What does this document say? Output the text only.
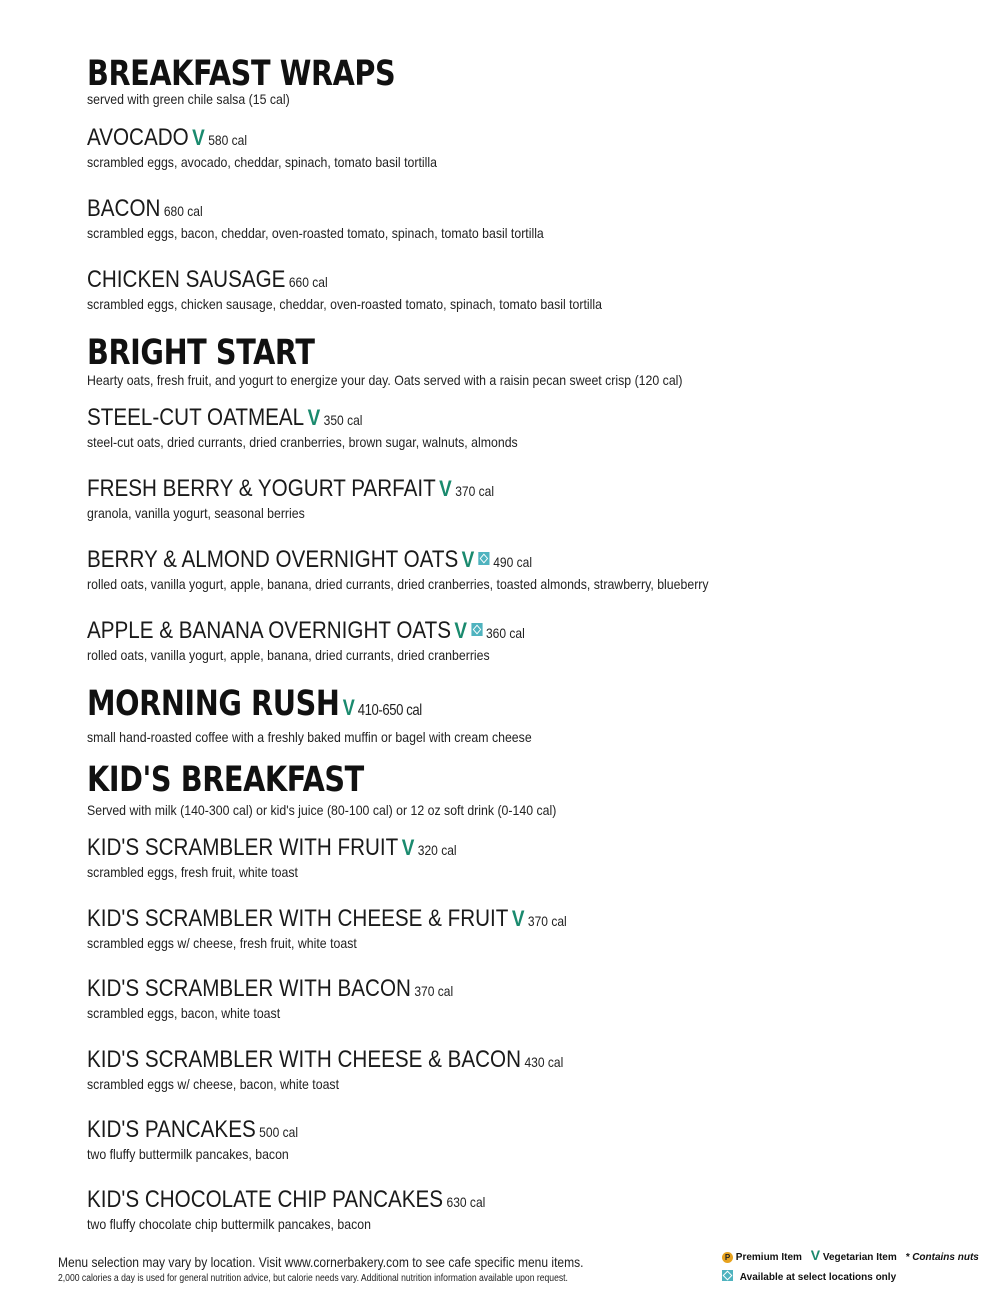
BREAKFAST WRAPS
served with green chile salsa (15 cal)
AVOCADO V 580 cal
scrambled eggs, avocado, cheddar, spinach, tomato basil tortilla
BACON 680 cal
scrambled eggs, bacon, cheddar, oven-roasted tomato, spinach, tomato basil tortilla
CHICKEN SAUSAGE 660 cal
scrambled eggs, chicken sausage, cheddar, oven-roasted tomato, spinach, tomato basil tortilla
BRIGHT START
Hearty oats, fresh fruit, and yogurt to energize your day. Oats served with a raisin pecan sweet crisp (120 cal)
STEEL-CUT OATMEAL V 350 cal
steel-cut oats, dried currants, dried cranberries, brown sugar, walnuts, almonds
FRESH BERRY & YOGURT PARFAIT V 370 cal
granola, vanilla yogurt, seasonal berries
BERRY & ALMOND OVERNIGHT OATS V 490 cal
rolled oats, vanilla yogurt, apple, banana, dried currants, dried cranberries, toasted almonds, strawberry, blueberry
APPLE & BANANA OVERNIGHT OATS V 360 cal
rolled oats, vanilla yogurt, apple, banana, dried currants, dried cranberries
MORNING RUSH V 410-650 cal
small hand-roasted coffee with a freshly baked muffin or bagel with cream cheese
KID'S BREAKFAST
Served with milk (140-300 cal) or kid's juice (80-100 cal) or 12 oz soft drink (0-140 cal)
KID'S SCRAMBLER WITH FRUIT V 320 cal
scrambled eggs, fresh fruit, white toast
KID'S SCRAMBLER WITH CHEESE & FRUIT V 370 cal
scrambled eggs w/ cheese, fresh fruit, white toast
KID'S SCRAMBLER WITH BACON 370 cal
scrambled eggs, bacon, white toast
KID'S SCRAMBLER WITH CHEESE & BACON 430 cal
scrambled eggs w/ cheese, bacon, white toast
KID'S PANCAKES 500 cal
two fluffy buttermilk pancakes, bacon
KID'S CHOCOLATE CHIP PANCAKES 630 cal
two fluffy chocolate chip buttermilk pancakes, bacon
Menu selection may vary by location. Visit www.cornerbakery.com to see cafe specific menu items.
2,000 calories a day is used for general nutrition advice, but calorie needs vary. Additional nutrition information available upon request.
P Premium Item V Vegetarian Item * Contains nuts
Available at select locations only
